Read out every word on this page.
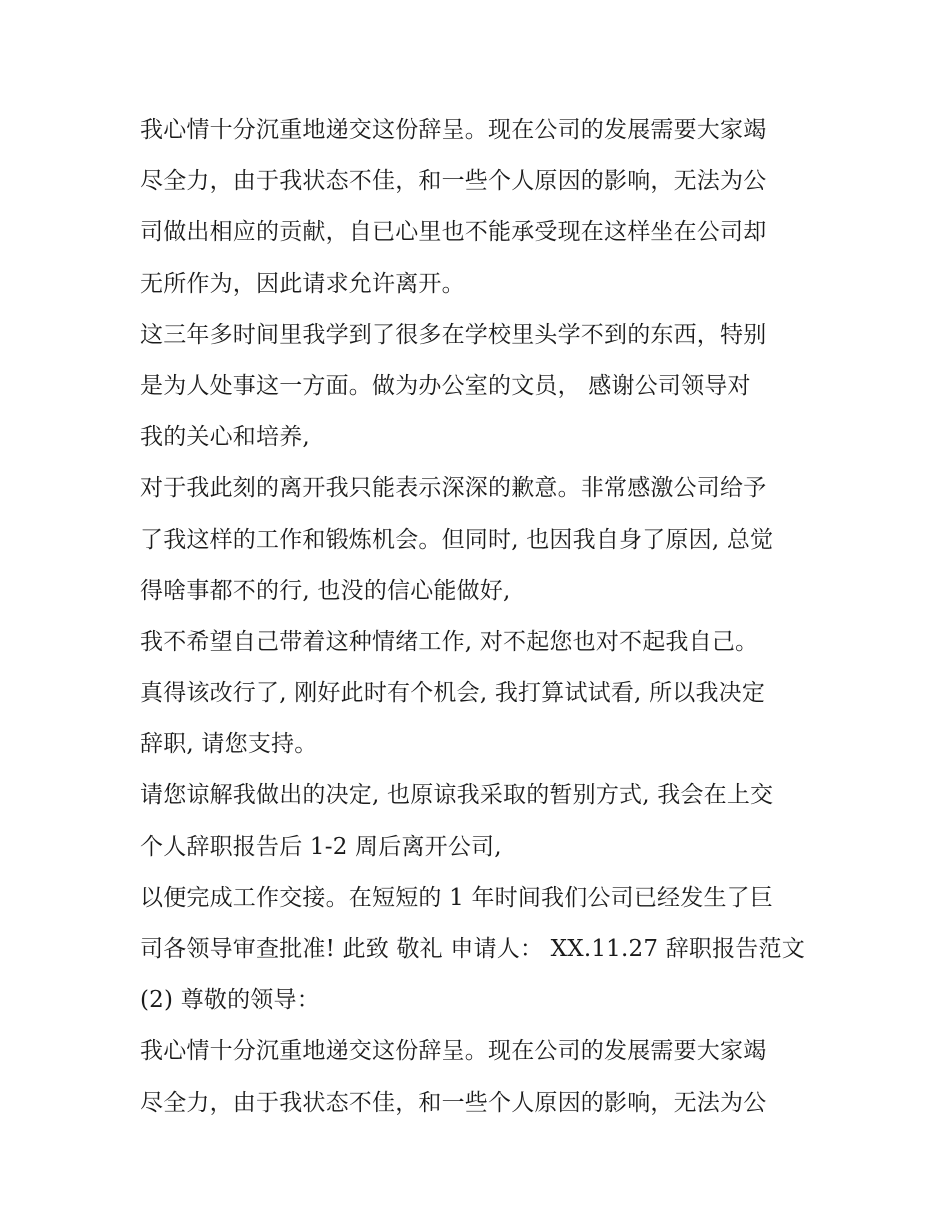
我心情十分沉重地递交这份辞呈。现在公司的发展需要大家竭
尽全力，由于我状态不佳，和一些个人原因的影响，无法为公
司做出相应的贡献，自已心里也不能承受现在这样坐在公司却
无所作为，因此请求允许离开。
这三年多时间里我学到了很多在学校里头学不到的东西，特别
是为人处事这一方面。做为办公室的文员， 感谢公司领导对
我的关心和培养,
对于我此刻的离开我只能表示深深的歉意。非常感激公司给予
了我这样的工作和锻炼机会。但同时, 也因我自身了原因, 总觉
得啥事都不的行, 也没的信心能做好,
我不希望自己带着这种情绪工作, 对不起您也对不起我自己。
真得该改行了, 刚好此时有个机会, 我打算试试看, 所以我决定
辞职, 请您支持。
请您谅解我做出的决定, 也原谅我采取的暂别方式, 我会在上交
个人辞职报告后 1-2 周后离开公司,
以便完成工作交接。在短短的 1 年时间我们公司已经发生了巨
司各领导审查批准! 此致 敬礼 申请人： XX.11.27 辞职报告范文
(2) 尊敬的领导：
我心情十分沉重地递交这份辞呈。现在公司的发展需要大家竭
尽全力，由于我状态不佳，和一些个人原因的影响，无法为公
